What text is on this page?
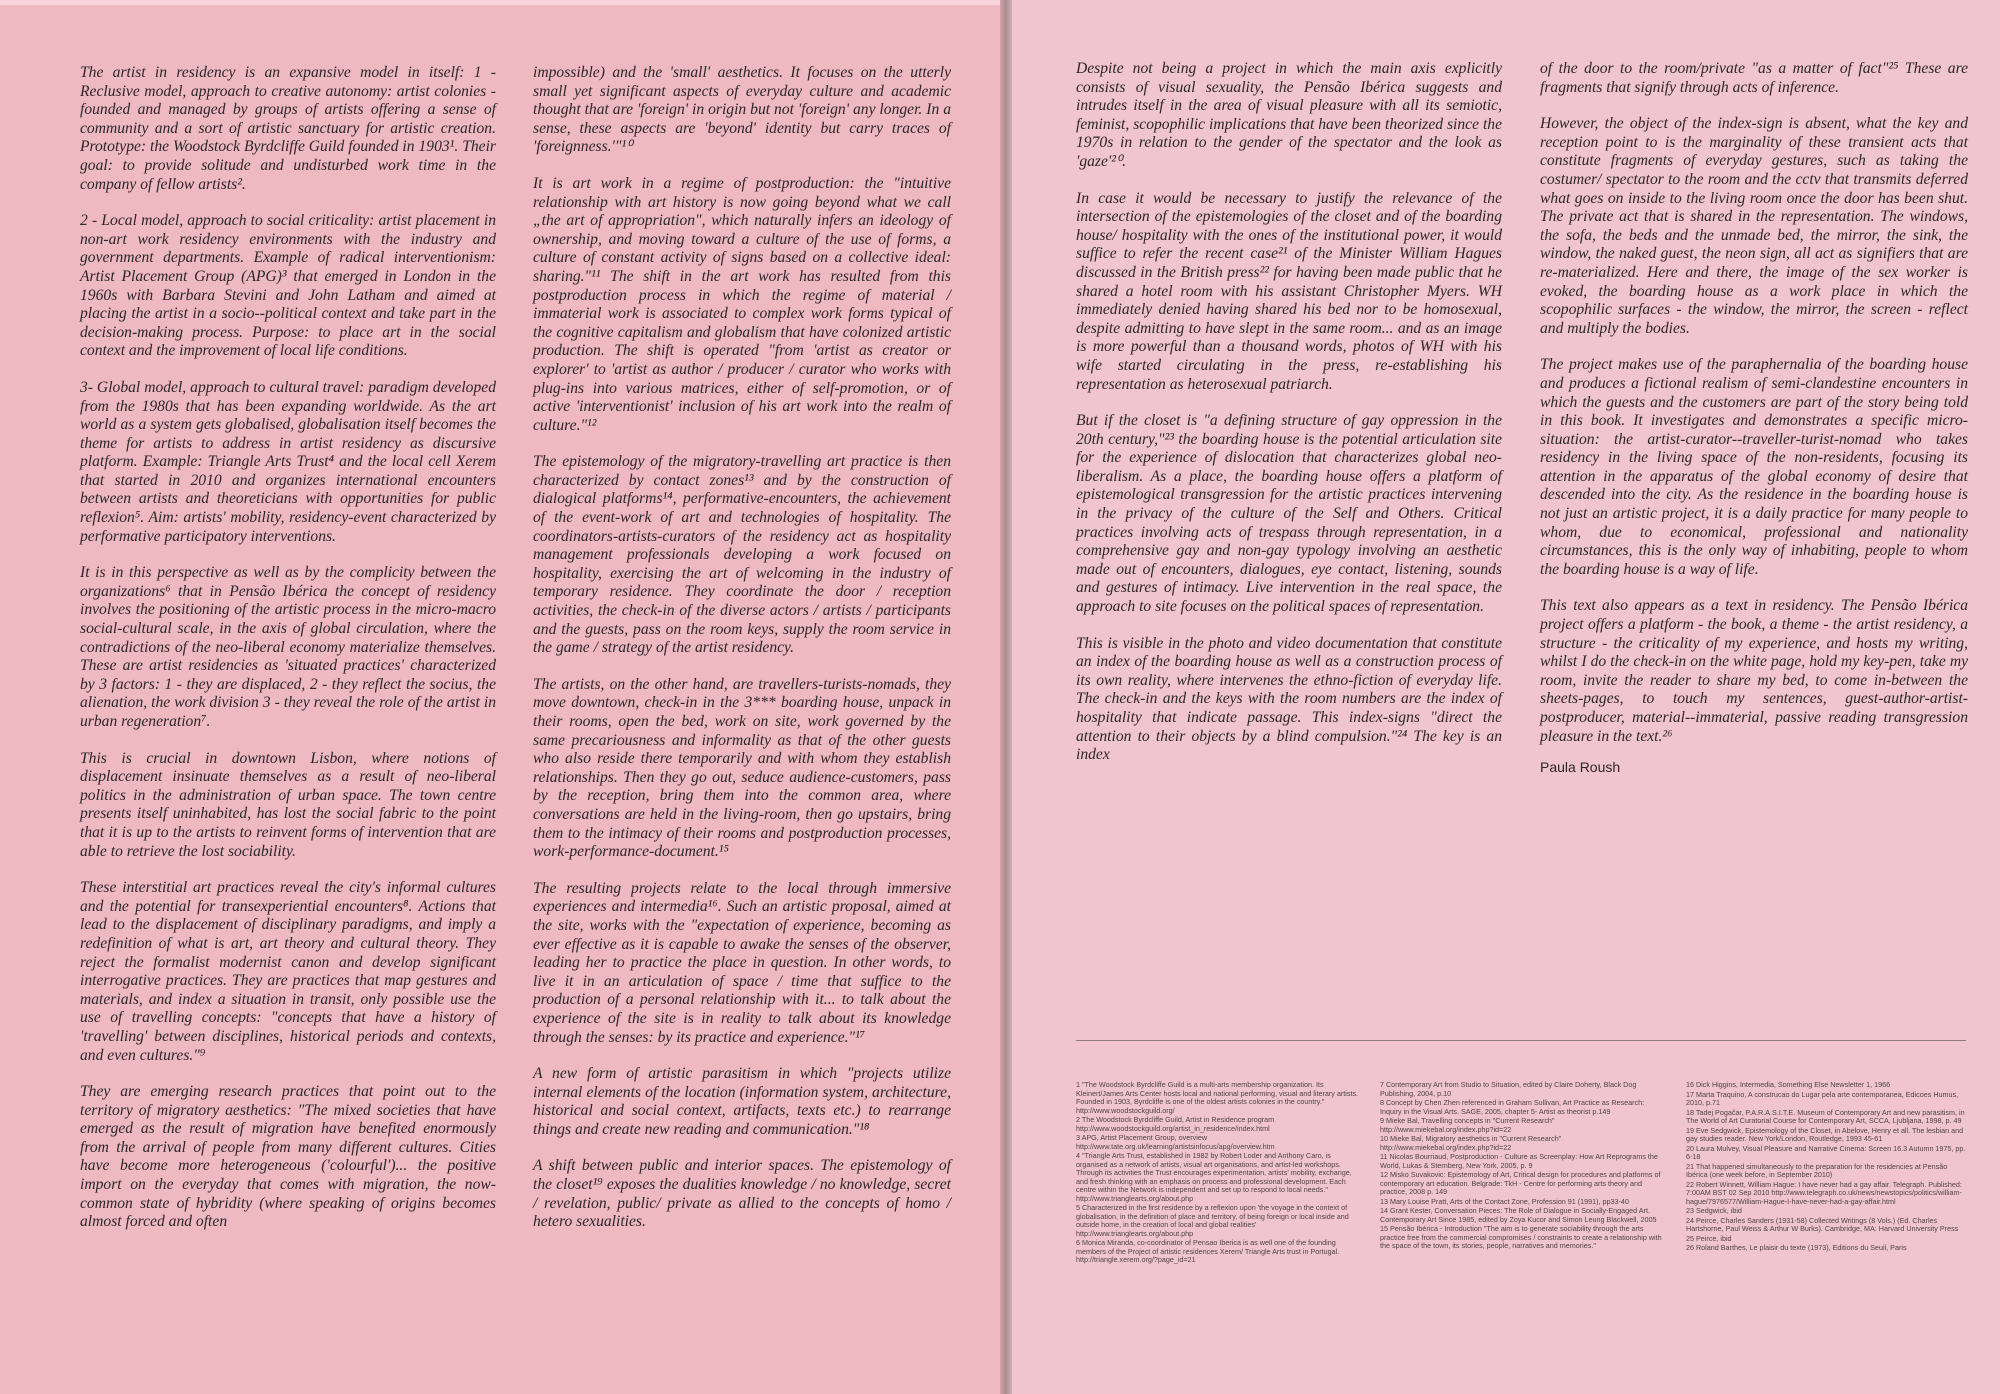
The artist in residency is an expansive model in itself: 1 - Reclusive model, approach to creative autonomy: artist colonies - founded and managed by groups of artists offering a sense of community and a sort of artistic sanctuary for artistic creation. Prototype: the Woodstock Byrdcliffe Guild founded in 1903¹. Their goal: to provide solitude and undisturbed work time in the company of fellow artists².

2 - Local model, approach to social criticality: artist placement in non-art work residency environments with the industry and government departments. Example of radical interventionism: Artist Placement Group (APG)³ that emerged in London in the 1960s with Barbara Stevini and John Latham and aimed at placing the artist in a socio--political context and take part in the decision-making process. Purpose: to place art in the social context and the improvement of local life conditions.

3- Global model, approach to cultural travel: paradigm developed from the 1980s that has been expanding worldwide. As the art world as a system gets globalised, globalisation itself becomes the theme for artists to address in artist residency as discursive platform. Example: Triangle Arts Trust⁴ and the local cell Xerem that started in 2010 and organizes international encounters between artists and theoreticians with opportunities for public reflexion⁵. Aim: artists' mobility, residency-event characterized by performative participatory interventions.

It is in this perspective as well as by the complicity between the organizations⁶ that in Pensão Ibérica the concept of residency involves the positioning of the artistic process in the micro-macro social-cultural scale, in the axis of global circulation, where the contradictions of the neo-liberal economy materialize themselves. These are artist residencies as 'situated practices' characterized by 3 factors: 1 - they are displaced, 2 - they reflect the socius, the alienation, the work division 3 - they reveal the role of the artist in urban regeneration⁷.

This is crucial in downtown Lisbon, where notions of displacement insinuate themselves as a result of neo-liberal politics in the administration of urban space. The town centre presents itself uninhabited, has lost the social fabric to the point that it is up to the artists to reinvent forms of intervention that are able to retrieve the lost sociability.

These interstitial art practices reveal the city's informal cultures and the potential for transexperiential encounters⁸. Actions that lead to the displacement of disciplinary paradigms, and imply a redefinition of what is art, art theory and cultural theory. They reject the formalist modernist canon and develop significant interrogative practices. They are practices that map gestures and materials, and index a situation in transit, only possible use the use of travelling concepts: "concepts that have a history of 'travelling' between disciplines, historical periods and contexts, and even cultures."⁹

They are emerging research practices that point out to the territory of migratory aesthetics: "The mixed societies that have emerged as the result of migration have benefited enormously from the arrival of people from many different cultures. Cities have become more heterogeneous ('colourful')... the positive import on the everyday that comes with migration, the now-common state of hybridity (where speaking of origins becomes almost forced and often

impossible) and the 'small' aesthetics. It focuses on the utterly small yet significant aspects of everyday culture and academic thought that are 'foreign' in origin but not 'foreign' any longer. In a sense, these aspects are 'beyond' identity but carry traces of 'foreignness.'"¹⁰

It is art work in a regime of postproduction: the "intuitive relationship with art history is now going beyond what we call „the art of appropriation", which naturally infers an ideology of ownership, and moving toward a culture of the use of forms, a culture of constant activity of signs based on a collective ideal: sharing."¹¹ The shift in the art work has resulted from this postproduction process in which the regime of material / immaterial work is associated to complex work forms typical of the cognitive capitalism and globalism that have colonized artistic production. The shift is operated "from 'artist as creator or explorer' to 'artist as author / producer / curator who works with plug-ins into various matrices, either of self-promotion, or of active 'interventionist' inclusion of his art work into the realm of culture."¹²

The epistemology of the migratory-travelling art practice is then characterized by contact zones¹³ and by the construction of dialogical platforms¹⁴, performative-encounters, the achievement of the event-work of art and technologies of hospitality. The coordinators-artists-curators of the residency act as hospitality management professionals developing a work focused on hospitality, exercising the art of welcoming in the industry of temporary residence. They coordinate the door / reception activities, the check-in of the diverse actors / artists / participants and the guests, pass on the room keys, supply the room service in the game / strategy of the artist residency.

The artists, on the other hand, are travellers-turists-nomads, they move downtown, check-in in the 3*** boarding house, unpack in their rooms, open the bed, work on site, work governed by the same precariousness and informality as that of the other guests who also reside there temporarily and with whom they establish relationships. Then they go out, seduce audience-customers, pass by the reception, bring them into the common area, where conversations are held in the living-room, then go upstairs, bring them to the intimacy of their rooms and postproduction processes, work-performance-document.¹⁵

The resulting projects relate to the local through immersive experiences and intermedia¹⁶. Such an artistic proposal, aimed at the site, works with the "expectation of experience, becoming as ever effective as it is capable to awake the senses of the observer, leading her to practice the place in question. In other words, to live it in an articulation of space / time that suffice to the production of a personal relationship with it... to talk about the experience of the site is in reality to talk about its knowledge through the senses: by its practice and experience."¹⁷

A new form of artistic parasitism in which "projects utilize internal elements of the location (information system, architecture, historical and social context, artifacts, texts etc.) to rearrange things and create new reading and communication."¹⁸

A shift between public and interior spaces. The epistemology of the closet¹⁹ exposes the dualities knowledge / no knowledge, secret / revelation, public/ private as allied to the concepts of homo / hetero sexualities.

Despite not being a project in which the main axis explicitly consists of visual sexuality, the Pensão Ibérica suggests and intrudes itself in the area of visual pleasure with all its semiotic, feminist, scopophilic implications that have been theorized since the 1970s in relation to the gender of the spectator and the look as 'gaze'²⁰.

In case it would be necessary to justify the relevance of the intersection of the epistemologies of the closet and of the boarding house/ hospitality with the ones of the institutional power, it would suffice to refer the recent case²¹ of the Minister William Hagues discussed in the British press²² for having been made public that he shared a hotel room with his assistant Christopher Myers. WH immediately denied having shared his bed nor to be homosexual, despite admitting to have slept in the same room... and as an image is more powerful than a thousand words, photos of WH with his wife started circulating in the press, re-establishing his representation as heterosexual patriarch.

But if the closet is "a defining structure of gay oppression in the 20th century,"²³ the boarding house is the potential articulation site for the experience of dislocation that characterizes global neo-liberalism. As a place, the boarding house offers a platform of epistemological transgression for the artistic practices intervening in the privacy of the culture of the Self and Others. Critical practices involving acts of trespass through representation, in a comprehensive gay and non-gay typology involving an aesthetic made out of encounters, dialogues, eye contact, listening, sounds and gestures of intimacy. Live intervention in the real space, the approach to site focuses on the political spaces of representation.

This is visible in the photo and video documentation that constitute an index of the boarding house as well as a construction process of its own reality, where intervenes the ethno-fiction of everyday life. The check-in and the keys with the room numbers are the index of hospitality that indicate passage. This index-signs "direct the attention to their objects by a blind compulsion."²⁴ The key is an index

of the door to the room/private "as a matter of fact"²⁵ These are fragments that signify through acts of inference.

However, the object of the index-sign is absent, what the key and reception point to is the marginality of these transient acts that constitute fragments of everyday gestures, such as taking the costumer/ spectator to the room and the cctv that transmits deferred what goes on inside to the living room once the door has been shut. The private act that is shared in the representation. The windows, the sofa, the beds and the unmade bed, the mirror, the sink, the window, the naked guest, the neon sign, all act as signifiers that are re-materialized. Here and there, the image of the sex worker is evoked, the boarding house as a work place in which the scopophilic surfaces - the window, the mirror, the screen - reflect and multiply the bodies.

The project makes use of the paraphernalia of the boarding house and produces a fictional realism of semi-clandestine encounters in which the guests and the customers are part of the story being told in this book. It investigates and demonstrates a specific micro-situation: the artist-curator--traveller-turist-nomad who takes residency in the living space of the non-residents, focusing its attention in the apparatus of the global economy of desire that descended into the city. As the residence in the boarding house is not just an artistic project, it is a daily practice for many people to whom, due to economical, professional and nationality circumstances, this is the only way of inhabiting, people to whom the boarding house is a way of life.

This text also appears as a text in residency. The Pensão Ibérica project offers a platform - the book, a theme - the artist residency, a structure - the criticality of my experience, and hosts my writing, whilst I do the check-in on the white page, hold my key-pen, take my room, invite the reader to share my bed, to come in-between the sheets-pages, to touch my sentences, guest-author-artist-postproducer, material--immaterial, passive reading transgression pleasure in the text.²⁶

Paula Roush
1 "The Woodstock Byrdcliffe Guild is a multi-arts membership organization. Its Kleinert/James Arts Center hosts local and national performing, visual and literary artists. Founded in 1903, Byrdcliffe is one of the oldest artists colonies in the country." http://www.woodstockguild.org/
2 The Woodstock Byrdcliffe Guild, Artist in Residence program http://www.woodstockguild.org/artist_in_residence/index.html
3 APG, Artist Placement Group, overview http://www.tate.org.uk/learning/artistsinfocus/apg/overview.htm
4 "Triangle Arts Trust, established in 1982 by Robert Loder and Anthony Caro, is organised as a network of artists, visual art organisations, and artist-led workshops. Through its activities the Trust encourages experimentation, artists' mobility, exchange, and fresh thinking with an emphasis on process and professional development. Each centre within the Network is independent and set up to respond to local needs." http://www.trianglearts.org/about.php
5 Characterized in the first residence by a reflexion upon 'the voyage in the context of globalisation, in the definition of place and territory, of being foreign or local inside and outside home, in the creation of local and global realities' http://www.trianglearts.org/about.php
6 Monica Miranda, co-coordinator of Pensao Iberica is as well one of the founding members of the Project of artistic residences Xerem/ Triangle Arts trust in Portugal. http://triangle.xerem.org/?page_id=21
7 Contemporary Art from Studio to Situation, edited by Claire Doherty, Black Dog Publishing, 2004, p.10
8 Concept by Chen Zhen referenced in Graham Sullivan, Art Practice as Research: Inquiry in the Visual Arts. SAGE, 2005, chapter 5- Artist as theorist p.149
9 Mieke Bal, Travelling concepts in "Current Research" http://www.miekebal.org/index.php?id=22
10 Mieke Bal, Migratory aesthetics in "Current Research" http://www.miekebal.org/index.php?id=22
11 Nicolas Bourriaud, Postproduction - Culture as Screenplay: How Art Reprograms the World, Lukas & Sternberg, New York, 2005, p. 9
12 Misko Suvakovic: Epistemology of Art, Critical design for procedures and platforms of contemporary art education. Belgrade: TkH - Centre for performing arts theory and practice, 2008 p. 149
13 Mary Louise Pratt, Arts of the Contact Zone, Profession 91 (1991), pp33-40
14 Grant Kester, Conversation Pieces: The Role of Dialogue in Socially-Engaged Art. Contemporary Art Since 1985, edited by Zoya Kucor and Simon Leung Blackwell, 2005
15 Pensão Ibérica - Introduction "The aim is to generate sociability through the arts practice free from the commercial compromises / constraints to create a relationship with the space of the town, its stories, people, narratives and memories."
16 Dick Higgins, Intermedia, Something Else Newsletter 1, 1966
17 Marta Traquino, A construcao do Lugar pela arte contemporanea, Edicoes Humus, 2010, p.71
18 Tadej Pogačar, P.A.R.A.S.I.T.E. Museum of Contemporary Art and new parasitism, in The World of Art Curatorial Course for Contemporary Art, SCCA, Ljubljana, 1998, p. 49
19 Eve Sedgwick, Epistemology of the Closet, in Abelove, Henry et all. The lesbian and gay studies reader. New York/London, Routledge, 1993 45-61
20 Laura Mulvey, Visual Pleasure and Narrative Cinema: Screen 16.3 Autumn 1975, pp. 6-18
21 That happened simultaneously to the preparation for the residencies at Pensão Ibérica (one week before, in September 2010)
22 Robert Winnett, William Hague: I have never had a gay affair. Telegraph. Published: 7:00AM BST 02 Sep 2010 http://www.telegraph.co.uk/news/newstopics/politics/william-hague/7976577/William-Hague-I-have-never-had-a-gay-affair.html
23 Sedgwick, ibid
24 Peirce, Charles Sanders (1931-58) Collected Writings (8 Vols.) (Ed. Charles Hartshorne, Paul Weiss & Arthur W Burks). Cambridge, MA: Harvard University Press
25 Peirce, ibid
26 Roland Barthes, Le plaisir du texte (1973), Editions du Seuil, Paris
